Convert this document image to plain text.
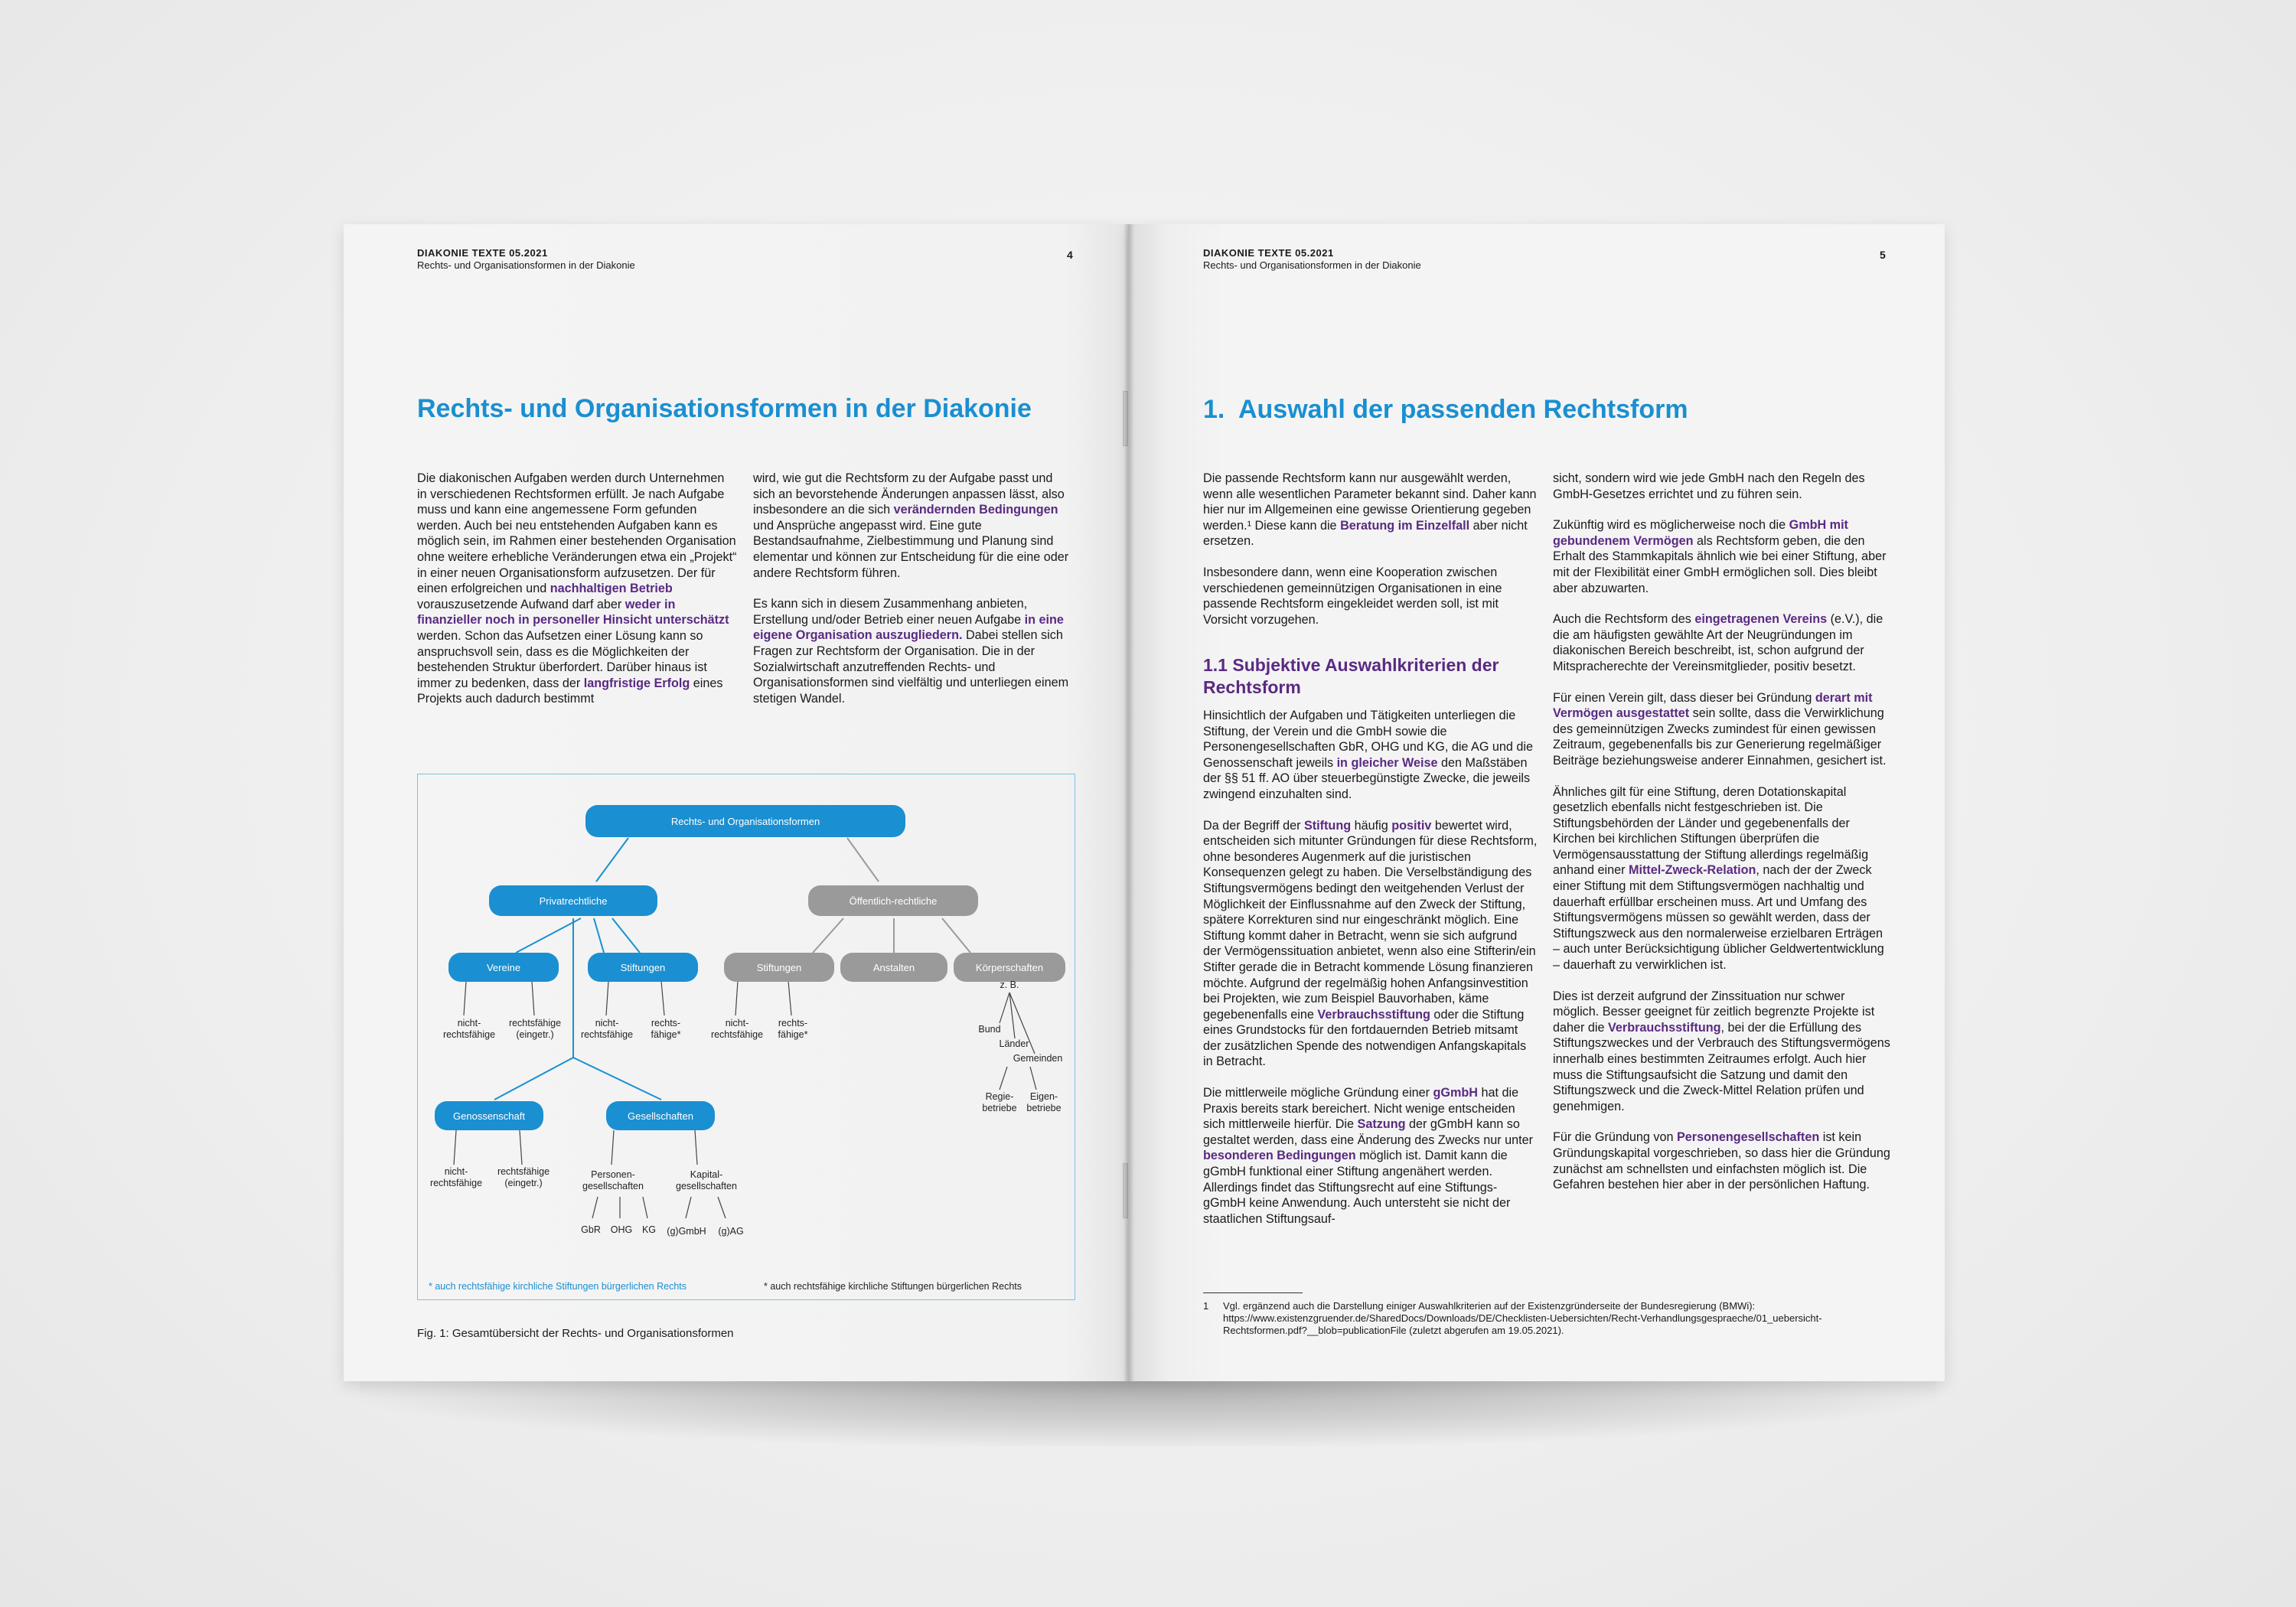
DIAKONIE TEXTE 05.2021
Rechts- und Organisationsformen in der Diakonie
4
Rechts- und Organisationsformen in der Diakonie

Die diakonischen Aufgaben werden durch Unternehmen in verschiedenen Rechtsformen erfüllt. Je nach Aufgabe muss und kann eine angemessene Form gefunden werden. Auch bei neu entstehenden Aufgaben kann es möglich sein, im Rahmen einer bestehenden Organisation ohne weitere erhebliche Veränderungen etwa ein „Projekt“ in einer neuen Organisationsform aufzusetzen. Der für einen erfolgreichen und nachhaltigen Betrieb vorauszusetzende Aufwand darf aber weder in finanzieller noch in personeller Hinsicht unterschätzt werden. Schon das Aufsetzen einer Lösung kann so anspruchsvoll sein, dass es die Möglichkeiten der bestehenden Struktur überfordert. Darüber hinaus ist immer zu bedenken, dass der langfristige Erfolg eines Projekts auch dadurch bestimmt

wird, wie gut die Rechtsform zu der Aufgabe passt und sich an bevorstehende Änderungen anpassen lässt, also insbesondere an die sich verändernden Bedingungen und Ansprüche angepasst wird. Eine gute Bestandsaufnahme, Zielbestimmung und Planung sind elementar und können zur Entscheidung für die eine oder andere Rechtsform führen.

Es kann sich in diesem Zusammenhang anbieten, Erstellung und/oder Betrieb einer neuen Aufgabe in eine eigene Organisation auszugliedern. Dabei stellen sich Fragen zur Rechtsform der Organisation. Die in der Sozialwirtschaft anzutreffenden Rechts- und Organisationsformen sind vielfältig und unterliegen einem stetigen Wandel.

Rechts- und Organisationsformen
Privatrechtliche	Öffentlich-rechtliche
Vereine	Stiftungen	Stiftungen	Anstalten	Körperschaften
nicht-
rechtsfähige
rechtsfähige
(eingetr.)
nicht-
rechtsfähige
rechts-
fähige*
nicht-
rechtsfähige
rechts-
fähige*
z. B.
Bund
Länder
Gemeinden
Regie-
betriebe
Eigen-
betriebe
Genossenschaft	Gesellschaften
nicht-
rechtsfähige
rechtsfähige
(eingetr.)
Personen-
gesellschaften
Kapital-
gesellschaften
GbR	OHG	KG	(g)GmbH	(g)AG
* auch rechtsfähige kirchliche Stiftungen bürgerlichen Rechts	* auch rechtsfähige kirchliche Stiftungen bürgerlichen Rechts
Fig. 1: Gesamtübersicht der Rechts- und Organisationsformen
DIAKONIE TEXTE 05.2021
Rechts- und Organisationsformen in der Diakonie
5
1.  Auswahl der passenden Rechtsform

Die passende Rechtsform kann nur ausgewählt werden, wenn alle wesentlichen Parameter bekannt sind. Daher kann hier nur im Allgemeinen eine gewisse Orientierung gegeben werden.¹ Diese kann die Beratung im Einzelfall aber nicht ersetzen.

Insbesondere dann, wenn eine Kooperation zwischen verschiedenen gemeinnützigen Organisationen in eine passende Rechtsform eingekleidet werden soll, ist mit Vorsicht vorzugehen.

1.1 Subjektive Auswahlkriterien der Rechtsform

Hinsichtlich der Aufgaben und Tätigkeiten unterliegen die Stiftung, der Verein und die GmbH sowie die Personengesellschaften GbR, OHG und KG, die AG und die Genossenschaft jeweils in gleicher Weise den Maßstäben der §§ 51 ff. AO über steuerbegünstigte Zwecke, die jeweils zwingend einzuhalten sind.

Da der Begriff der Stiftung häufig positiv bewertet wird, entscheiden sich mitunter Gründungen für diese Rechtsform, ohne besonderes Augenmerk auf die juristischen Konsequenzen gelegt zu haben. Die Verselbständigung des Stiftungsvermögens bedingt den weitgehenden Verlust der Möglichkeit der Einflussnahme auf den Zweck der Stiftung, spätere Korrekturen sind nur eingeschränkt möglich. Eine Stiftung kommt daher in Betracht, wenn sie sich aufgrund der Vermögenssituation anbietet, wenn also eine Stifterin/ein Stifter gerade die in Betracht kommende Lösung finanzieren möchte. Aufgrund der regelmäßig hohen Anfangsinvestition bei Projekten, wie zum Beispiel Bauvorhaben, käme gegebenenfalls eine Verbrauchsstiftung oder die Stiftung eines Grundstocks für den fortdauernden Betrieb mitsamt der zusätzlichen Spende des notwendigen Anfangskapitals in Betracht.

Die mittlerweile mögliche Gründung einer gGmbH hat die Praxis bereits stark bereichert. Nicht wenige entscheiden sich mittlerweile hierfür. Die Satzung der gGmbH kann so gestaltet werden, dass eine Änderung des Zwecks nur unter besonderen Bedingungen möglich ist. Damit kann die gGmbH funktional einer Stiftung angenähert werden. Allerdings findet das Stiftungsrecht auf eine Stiftungs-gGmbH keine Anwendung. Auch untersteht sie nicht der staatlichen Stiftungsauf-

sicht, sondern wird wie jede GmbH nach den Regeln des GmbH-Gesetzes errichtet und zu führen sein.

Zukünftig wird es möglicherweise noch die GmbH mit gebundenem Vermögen als Rechtsform geben, die den Erhalt des Stammkapitals ähnlich wie bei einer Stiftung, aber mit der Flexibilität einer GmbH ermöglichen soll. Dies bleibt aber abzuwarten.

Auch die Rechtsform des eingetragenen Vereins (e.V.), die die am häufigsten gewählte Art der Neugründungen im diakonischen Bereich beschreibt, ist, schon aufgrund der Mitspracherechte der Vereinsmitglieder, positiv besetzt.

Für einen Verein gilt, dass dieser bei Gründung derart mit Vermögen ausgestattet sein sollte, dass die Verwirklichung des gemeinnützigen Zwecks zumindest für einen gewissen Zeitraum, gegebenenfalls bis zur Generierung regelmäßiger Beiträge beziehungsweise anderer Einnahmen, gesichert ist.

Ähnliches gilt für eine Stiftung, deren Dotationskapital gesetzlich ebenfalls nicht festgeschrieben ist. Die Stiftungsbehörden der Länder und gegebenenfalls der Kirchen bei kirchlichen Stiftungen überprüfen die Vermögensausstattung der Stiftung allerdings regelmäßig anhand einer Mittel-Zweck-Relation, nach der der Zweck einer Stiftung mit dem Stiftungsvermögen nachhaltig und dauerhaft erfüllbar erscheinen muss. Art und Umfang des Stiftungsvermögens müssen so gewählt werden, dass der Stiftungszweck aus den normalerweise erzielbaren Erträgen – auch unter Berücksichtigung üblicher Geldwertentwicklung – dauerhaft zu verwirklichen ist.

Dies ist derzeit aufgrund der Zinssituation nur schwer möglich. Besser geeignet für zeitlich begrenzte Projekte ist daher die Verbrauchsstiftung, bei der die Erfüllung des Stiftungszweckes und der Verbrauch des Stiftungsvermögens innerhalb eines bestimmten Zeitraumes erfolgt. Auch hier muss die Stiftungsaufsicht die Satzung und damit den Stiftungszweck und die Zweck-Mittel Relation prüfen und genehmigen.

Für die Gründung von Personengesellschaften ist kein Gründungskapital vorgeschrieben, so dass hier die Gründung zunächst am schnellsten und einfachsten möglich ist. Die Gefahren bestehen hier aber in der persönlichen Haftung.

1	Vgl. ergänzend auch die Darstellung einiger Auswahlkriterien auf der Existenzgründerseite der Bundesregierung (BMWi): https://www.existenzgruender.de/SharedDocs/Downloads/DE/Checklisten-Uebersichten/Recht-Verhandlungsgespraeche/01_uebersicht-Rechtsformen.pdf?__blob=publicationFile (zuletzt abgerufen am 19.05.2021).
